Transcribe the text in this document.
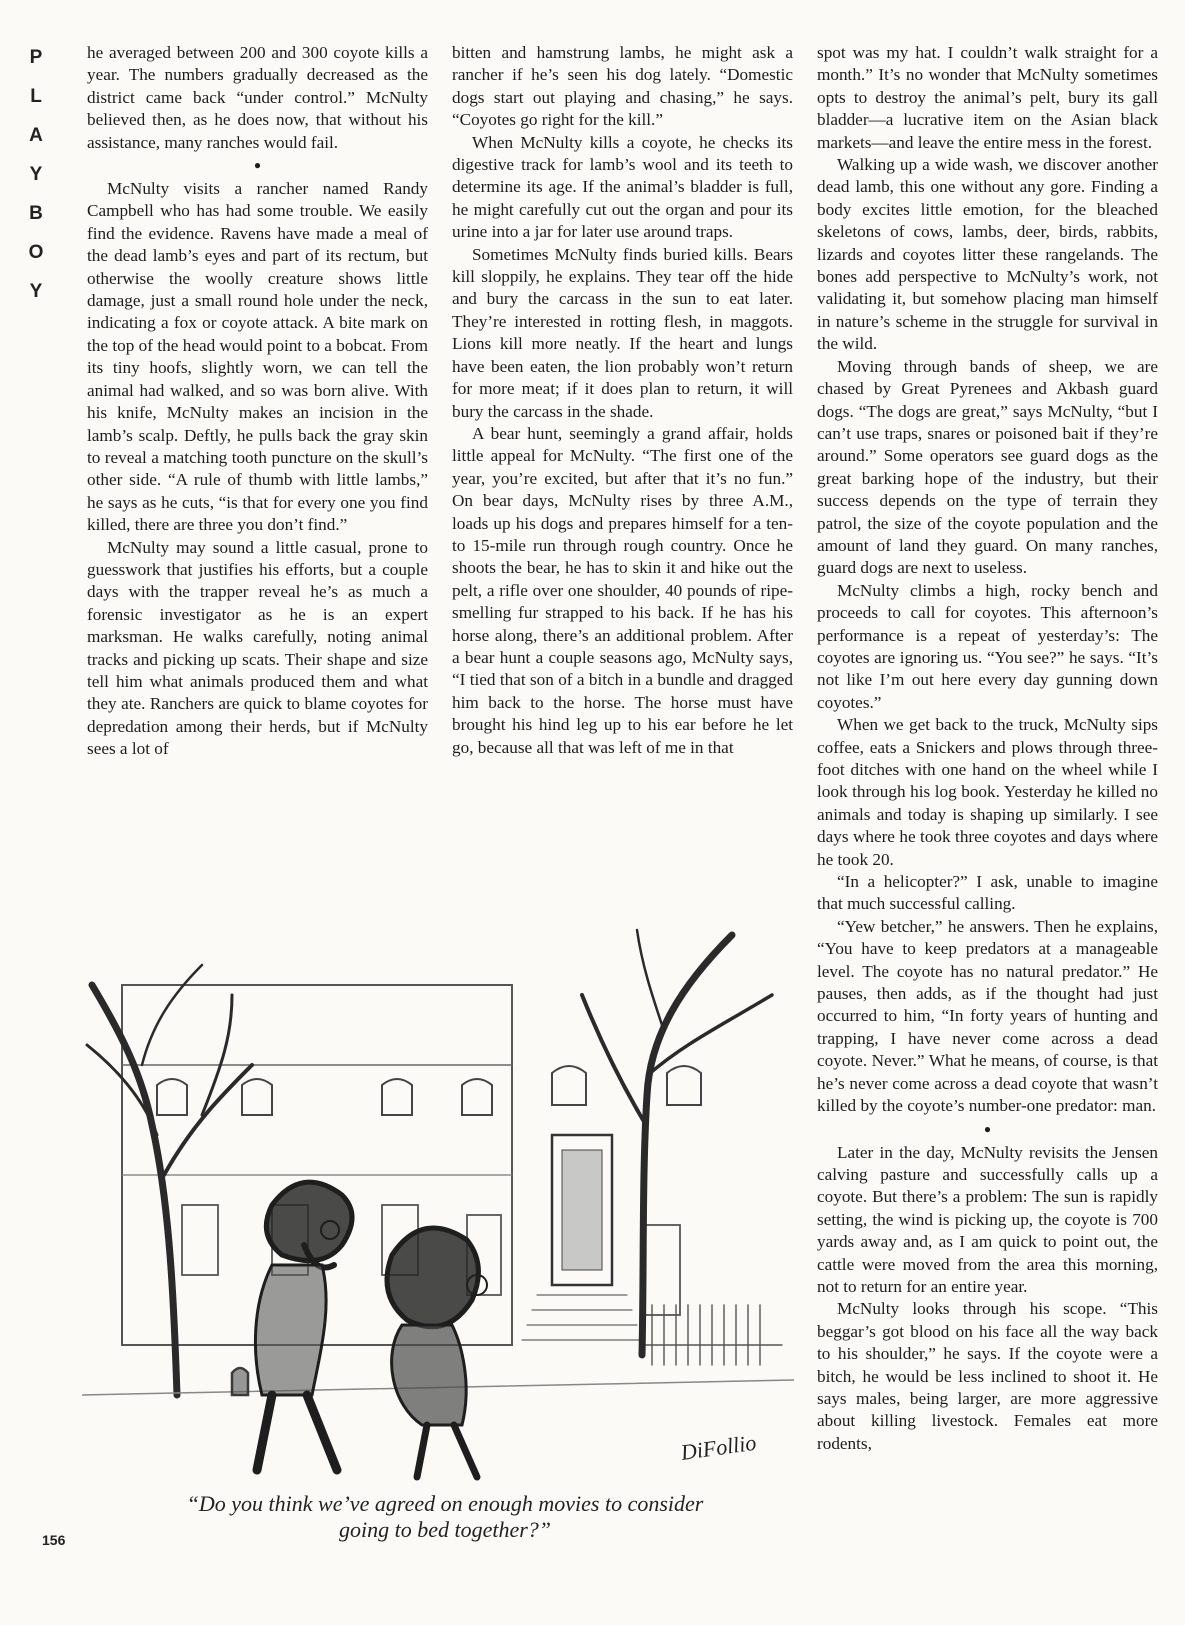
P
L
A
Y
B
O
Y

he averaged between 200 and 300 coyote kills a year. The numbers gradually decreased as the district came back “under control.” McNulty believed then, as he does now, that without his assistance, many ranches would fail.

●

McNulty visits a rancher named Randy Campbell who has had some trouble. We easily find the evidence. Ravens have made a meal of the dead lamb’s eyes and part of its rectum, but otherwise the woolly creature shows little damage, just a small round hole under the neck, indicating a fox or coyote attack. A bite mark on the top of the head would point to a bobcat. From its tiny hoofs, slightly worn, we can tell the animal had walked, and so was born alive. With his knife, McNulty makes an incision in the lamb’s scalp. Deftly, he pulls back the gray skin to reveal a matching tooth puncture on the skull’s other side. “A rule of thumb with little lambs,” he says as he cuts, “is that for every one you find killed, there are three you don’t find.”

McNulty may sound a little casual, prone to guesswork that justifies his efforts, but a couple days with the trapper reveal he’s as much a forensic investigator as he is an expert marksman. He walks carefully, noting animal tracks and picking up scats. Their shape and size tell him what animals produced them and what they ate. Ranchers are quick to blame coyotes for depredation among their herds, but if McNulty sees a lot of

bitten and hamstrung lambs, he might ask a rancher if he’s seen his dog lately. “Domestic dogs start out playing and chasing,” he says. “Coyotes go right for the kill.”

When McNulty kills a coyote, he checks its digestive track for lamb’s wool and its teeth to determine its age. If the animal’s bladder is full, he might carefully cut out the organ and pour its urine into a jar for later use around traps.

Sometimes McNulty finds buried kills. Bears kill sloppily, he explains. They tear off the hide and bury the carcass in the sun to eat later. They’re interested in rotting flesh, in maggots. Lions kill more neatly. If the heart and lungs have been eaten, the lion probably won’t return for more meat; if it does plan to return, it will bury the carcass in the shade.

A bear hunt, seemingly a grand affair, holds little appeal for McNulty. “The first one of the year, you’re excited, but after that it’s no fun.” On bear days, McNulty rises by three A.M., loads up his dogs and prepares himself for a ten- to 15-mile run through rough country. Once he shoots the bear, he has to skin it and hike out the pelt, a rifle over one shoulder, 40 pounds of ripe-smelling fur strapped to his back. If he has his horse along, there’s an additional problem. After a bear hunt a couple seasons ago, McNulty says, “I tied that son of a bitch in a bundle and dragged him back to the horse. The horse must have brought his hind leg up to his ear before he let go, because all that was left of me in that

spot was my hat. I couldn’t walk straight for a month.” It’s no wonder that McNulty sometimes opts to destroy the animal’s pelt, bury its gall bladder—a lucrative item on the Asian black markets—and leave the entire mess in the forest.

Walking up a wide wash, we discover another dead lamb, this one without any gore. Finding a body excites little emotion, for the bleached skeletons of cows, lambs, deer, birds, rabbits, lizards and coyotes litter these rangelands. The bones add perspective to McNulty’s work, not validating it, but somehow placing man himself in nature’s scheme in the struggle for survival in the wild.

Moving through bands of sheep, we are chased by Great Pyrenees and Akbash guard dogs. “The dogs are great,” says McNulty, “but I can’t use traps, snares or poisoned bait if they’re around.” Some operators see guard dogs as the great barking hope of the industry, but their success depends on the type of terrain they patrol, the size of the coyote population and the amount of land they guard. On many ranches, guard dogs are next to useless.

McNulty climbs a high, rocky bench and proceeds to call for coyotes. This afternoon’s performance is a repeat of yesterday’s: The coyotes are ignoring us. “You see?” he says. “It’s not like I’m out here every day gunning down coyotes.”

When we get back to the truck, McNulty sips coffee, eats a Snickers and plows through three-foot ditches with one hand on the wheel while I look through his log book. Yesterday he killed no animals and today is shaping up similarly. I see days where he took three coyotes and days where he took 20.

“In a helicopter?” I ask, unable to imagine that much successful calling.

“Yew betcher,” he answers. Then he explains, “You have to keep predators at a manageable level. The coyote has no natural predator.” He pauses, then adds, as if the thought had just occurred to him, “In forty years of hunting and trapping, I have never come across a dead coyote. Never.” What he means, of course, is that he’s never come across a dead coyote that wasn’t killed by the coyote’s number-one predator: man.

●

Later in the day, McNulty revisits the Jensen calving pasture and successfully calls up a coyote. But there’s a problem: The sun is rapidly setting, the wind is picking up, the coyote is 700 yards away and, as I am quick to point out, the cattle were moved from the area this morning, not to return for an entire year.

McNulty looks through his scope. “This beggar’s got blood on his face all the way back to his shoulder,” he says. If the coyote were a bitch, he would be less inclined to shoot it. He says males, being larger, are more aggressive about killing livestock. Females eat more rodents,

DiFollio
“Do you think we’ve agreed on enough movies to consider going to bed together?”
156
